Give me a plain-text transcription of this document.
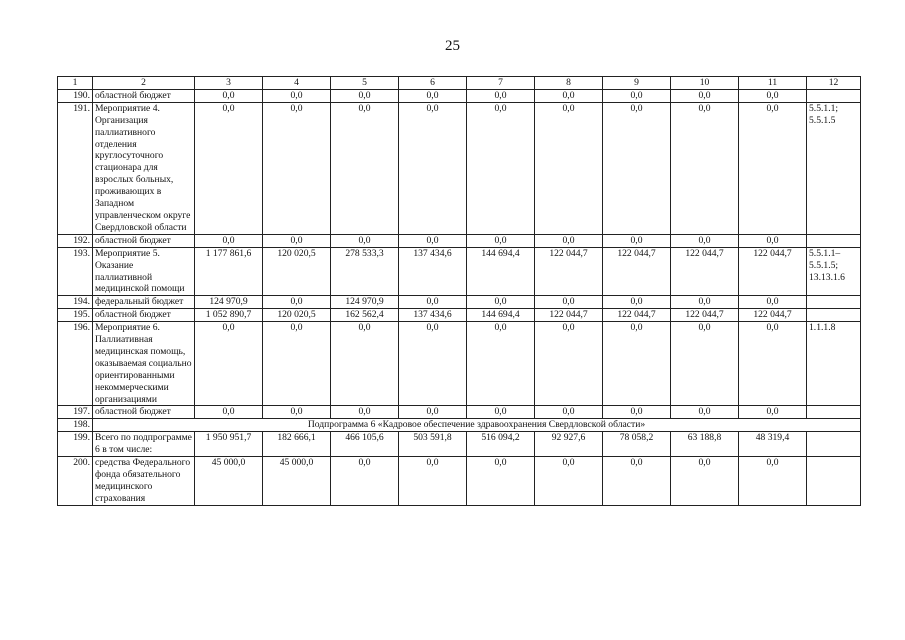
25
1	2	3	4	5	6	7	8	9	10	11	12
190.	областной бюджет	0,0	0,0	0,0	0,0	0,0	0,0	0,0	0,0	0,0	
191.	Мероприятие 4. Организация паллиативного отделения круглосуточного стационара для взрослых больных, проживающих в Западном управленческом округе Свердловской области	0,0	0,0	0,0	0,0	0,0	0,0	0,0	0,0	0,0	5.5.1.1; 5.5.1.5
192.	областной бюджет	0,0	0,0	0,0	0,0	0,0	0,0	0,0	0,0	0,0	
193.	Мероприятие 5. Оказание паллиативной медицинской помощи	1 177 861,6	120 020,5	278 533,3	137 434,6	144 694,4	122 044,7	122 044,7	122 044,7	122 044,7	5.5.1.1– 5.5.1.5; 13.13.1.6
194.	федеральный бюджет	124 970,9	0,0	124 970,9	0,0	0,0	0,0	0,0	0,0	0,0	
195.	областной бюджет	1 052 890,7	120 020,5	162 562,4	137 434,6	144 694,4	122 044,7	122 044,7	122 044,7	122 044,7	
196.	Мероприятие 6. Паллиативная медицинская помощь, оказываемая социально ориентированными некоммерческими организациями	0,0	0,0	0,0	0,0	0,0	0,0	0,0	0,0	0,0	1.1.1.8
197.	областной бюджет	0,0	0,0	0,0	0,0	0,0	0,0	0,0	0,0	0,0	
198.	Подпрограмма 6 «Кадровое обеспечение здравоохранения Свердловской области»										
199.	Всего по подпрограмме 6 в том числе:	1 950 951,7	182 666,1	466 105,6	503 591,8	516 094,2	92 927,6	78 058,2	63 188,8	48 319,4	
200.	средства Федерального фонда обязательного медицинского страхования	45 000,0	45 000,0	0,0	0,0	0,0	0,0	0,0	0,0	0,0	
